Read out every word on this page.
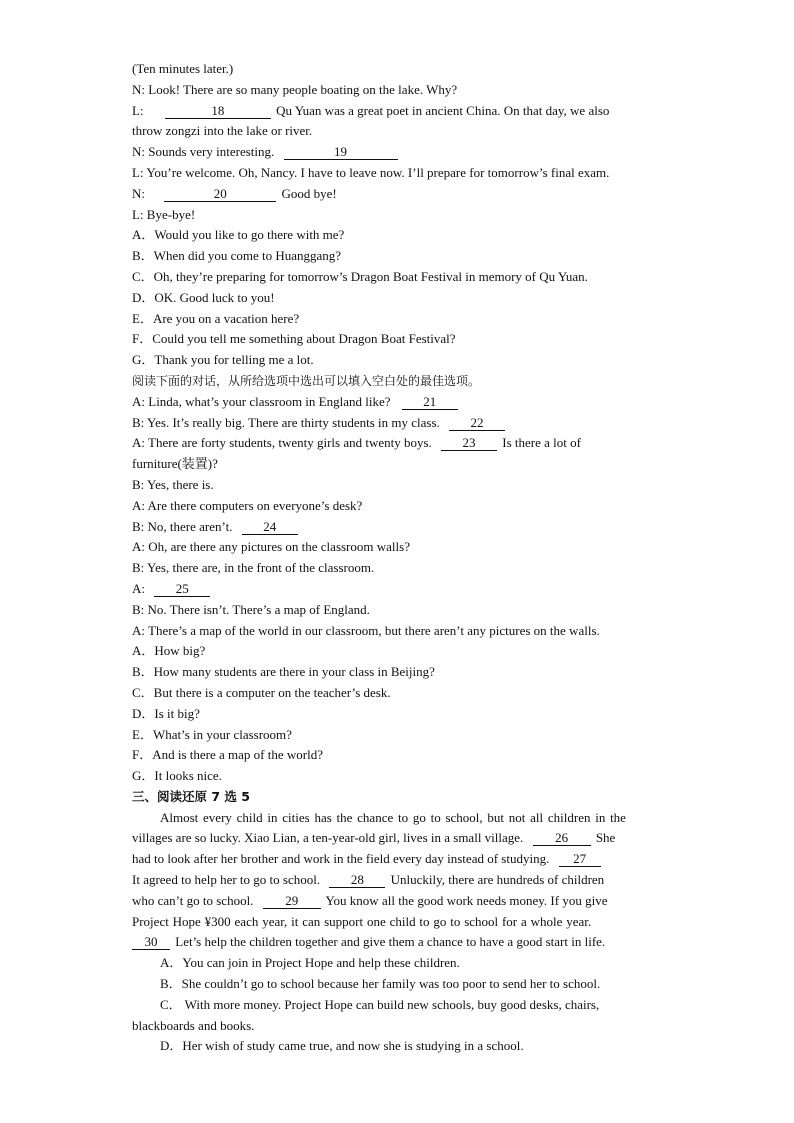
(Ten minutes later.)
N: Look! There are so many people boating on the lake. Why?
L:	18	Qu Yuan was a great poet in ancient China. On that day, we also
throw zongzi into the lake or river.
N: Sounds very interesting.	19
L: You’re welcome. Oh, Nancy. I have to leave now. I’ll prepare for tomorrow’s final exam.
N:	20	Good bye!
L: Bye-bye!
A．Would you like to go there with me?
B．When did you come to Huanggang?
C．Oh, they’re preparing for tomorrow’s Dragon Boat Festival in memory of Qu Yuan.
D．OK. Good luck to you!
E．Are you on a vacation here?
F．Could you tell me something about Dragon Boat Festival?
G．Thank you for telling me a lot.
阅读下面的对话，从所给选项中选出可以填入空白处的最佳选项。
A: Linda, what’s your classroom in England like?	21
B: Yes. It’s really big. There are thirty students in my class. 22
A: There are forty students, twenty girls and twenty boys. 23 Is there a lot of
furniture(装置)?
B: Yes, there is.
A: Are there computers on everyone’s desk?
B: No, there aren’t. 24
A: Oh, are there any pictures on the classroom walls?
B: Yes, there are, in the front of the classroom.
A: 25
B: No. There isn’t. There’s a map of England.
A: There’s a map of the world in our classroom, but there aren’t any pictures on the walls.
A．How big?
B．How many students are there in your class in Beijing?
C．But there is a computer on the teacher’s desk.
D．Is it big?
E．What’s in your classroom?
F．And is there a map of the world?
G．It looks nice.
三、阅读还原 7 选 5
Almost every child in cities has the chance to go to school, but not all children in the
villages are so lucky. Xiao Lian, a ten-year-old girl, lives in a small village. 26 She
had to look after her brother and work in the field every day instead of studying. 27
It agreed to help her to go to school. 28 Unluckily, there are hundreds of children
who can’t go to school. 29 You know all the good work needs money. If you give
Project Hope ¥300 each year, it can support one child to go to school for a whole year.
30 Let’s help the children together and give them a chance to have a good start in life.
A．You can join in Project Hope and help these children.
B．She couldn’t go to school because her family was too poor to send her to school.
C． With more money. Project Hope can build new schools, buy good desks, chairs,
blackboards and books.
D．Her wish of study came true, and now she is studying in a school.
